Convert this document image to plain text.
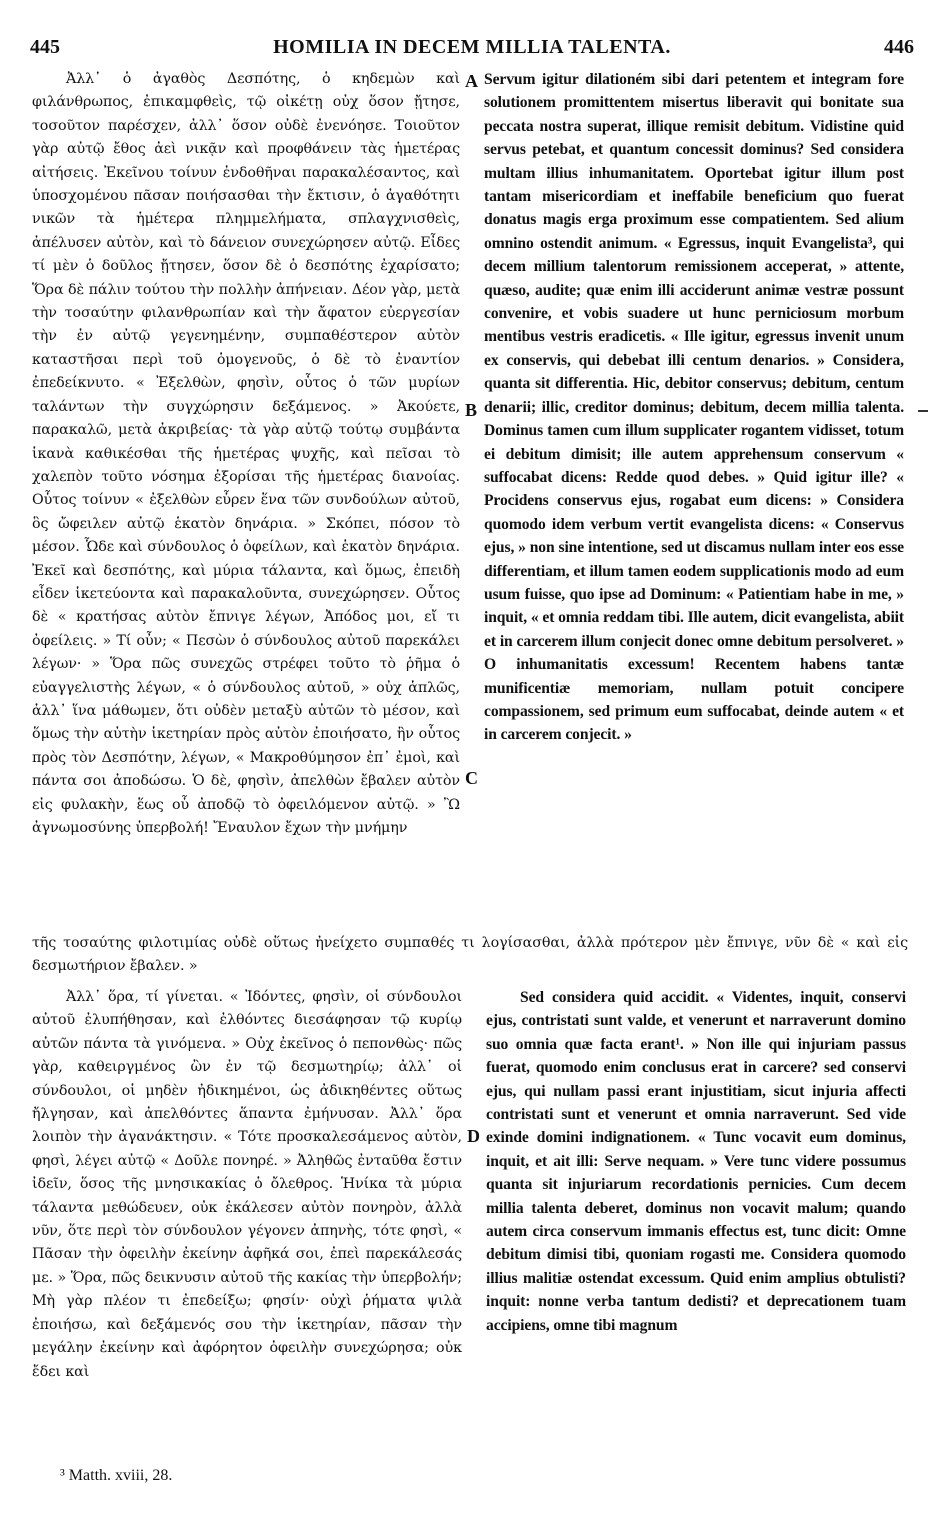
445	HOMILIA IN DECEM MILLIA TALENTA.	446

Ἀλλ᾽ ὁ ἀγαθὸς Δεσπότης, ὁ κηδεμὼν καὶ φιλάνθρωπος, ἐπικαμφθεὶς, τῷ οἰκέτῃ οὐχ ὅσον ᾔτησε, τοσοῦτον παρέσχεν, ἀλλ᾽ ὅσον οὐδὲ ἐνενόησε. Τοιοῦτον γὰρ αὐτῷ ἔθος ἀεὶ νικᾷν καὶ προφθάνειν τὰς ἡμετέρας αἰτήσεις. Ἐκεῖνου τοίνυν ἐνδοθῆναι παρακαλέσαντος, καὶ ὑποσχομένου πᾶσαν ποιήσασθαι τὴν ἔκτισιν, ὁ ἀγαθότητι νικῶν τὰ ἡμέτερα πλημμελήματα, σπλαγχνισθεὶς, ἀπέλυσεν αὐτὸν, καὶ τὸ δάνειον συνεχώρησεν αὐτῷ. Εἶδες τί μὲν ὁ δοῦλος ᾔτησεν, ὅσον δὲ ὁ δεσπότης ἐχαρίσατο; Ὅρα δὲ πάλιν τούτου τὴν πολλὴν ἀπήνειαν. Δέον γὰρ, μετὰ τὴν τοσαύτην φιλανθρωπίαν καὶ τὴν ἄφατον εὐεργεσίαν τὴν ἐν αὐτῷ γεγενημένην, συμπαθέστερον αὐτὸν καταστῆσαι περὶ τοῦ ὁμογενοῦς, ὁ δὲ τὸ ἐναντίον ἐπεδείκνυτο. « Ἐξελθὼν, φησὶν, οὗτος ὁ τῶν μυρίων ταλάντων τὴν συγχώρησιν δεξάμενος. » Ἀκούετε, παρακαλῶ, μετὰ ἀκριβείας· τὰ γὰρ αὐτῷ τούτῳ συμβάντα ἱκανὰ καθικέσθαι τῆς ἡμετέρας ψυχῆς, καὶ πεῖσαι τὸ χαλεπὸν τοῦτο νόσημα ἐξορίσαι τῆς ἡμετέρας διανοίας. Οὗτος τοίνυν « ἐξελθὼν εὗρεν ἕνα τῶν συνδούλων αὐτοῦ, ὃς ὤφειλεν αὐτῷ ἑκατὸν δηνάρια. » Σκόπει, πόσον τὸ μέσον. Ὧδε καὶ σύνδουλος ὁ ὀφείλων, καὶ ἑκατὸν δηνάρια. Ἐκεῖ καὶ δεσπότης, καὶ μύρια τάλαντα, καὶ ὅμως, ἐπειδὴ εἶδεν ἱκετεύοντα καὶ παρακαλοῦντα, συνεχώρησεν. Οὗτος δὲ « κρατήσας αὐτὸν ἔπνιγε λέγων, Ἀπόδος μοι, εἴ τι ὀφείλεις. » Τί οὖν; « Πεσὼν ὁ σύνδουλος αὐτοῦ παρεκάλει λέγων· » Ὅρα πῶς συνεχῶς στρέφει τοῦτο τὸ ῥῆμα ὁ εὐαγγελιστὴς λέγων, « ὁ σύνδουλος αὐτοῦ, » οὐχ ἁπλῶς, ἀλλ᾽ ἵνα μάθωμεν, ὅτι οὐδὲν μεταξὺ αὐτῶν τὸ μέσον, καὶ ὅμως τὴν αὐτὴν ἱκετηρίαν πρὸς αὐτὸν ἐποιήσατο, ἣν οὗτος πρὸς τὸν Δεσπότην, λέγων, « Μακροθύμησον ἐπ᾽ ἐμοὶ, καὶ πάντα σοι ἀποδώσω. Ὁ δὲ, φησὶν, ἀπελθὼν ἔβαλεν αὐτὸν εἰς φυλακὴν, ἕως οὗ ἀποδῷ τὸ ὀφειλόμενον αὐτῷ. » Ὢ ἀγνωμοσύνης ὑπερβολή! Ἔναυλον ἔχων τὴν μνήμην

Servum igitur dilationém sibi dari petentem et integram fore solutionem promittentem misertus liberavit qui bonitate sua peccata nostra superat, illique remisit debitum. Vidistine quid servus petebat, et quantum concessit dominus? Sed considera multam illius inhumanitatem. Oportebat igitur illum post tantam misericordiam et ineffabile beneficium quo fuerat donatus magis erga proximum esse compatientem. Sed alium omnino ostendit animum. « Egressus, inquit Evangelista³, qui decem millium talentorum remissionem acceperat, » attente, quæso, audite; quæ enim illi acciderunt animæ vestræ possunt convenire, et vobis suadere ut hunc perniciosum morbum mentibus vestris eradicetis. « Ille igitur, egressus invenit unum ex conservis, qui debebat illi centum denarios. » Considera, quanta sit differentia. Hic, debitor conservus; debitum, centum denarii; illic, creditor dominus; debitum, decem millia talenta. Dominus tamen cum illum supplicater rogantem vidisset, totum ei debitum dimisit; ille autem apprehensum conservum « suffocabat dicens: Redde quod debes. » Quid igitur ille? « Procidens conservus ejus, rogabat eum dicens: » Considera quomodo idem verbum vertit evangelista dicens: « Conservus ejus, » non sine intentione, sed ut discamus nullam inter eos esse differentiam, et illum tamen eodem supplicationis modo ad eum usum fuisse, quo ipse ad Dominum: « Patientiam habe in me, » inquit, « et omnia reddam tibi. Ille autem, dicit evangelista, abiit et in carcerem illum conjecit donec omne debitum persolveret. » O inhumanitatis excessum! Recentem habens tantæ munificentiæ memoriam, nullam potuit concipere compassionem, sed primum eum suffocabat, deinde autem « et in carcerem conjecit. »

A
B
C
D

τῆς τοσαύτης φιλοτιμίας οὐδὲ οὕτως ἠνείχετο συμπαθές τι λογίσασθαι, ἀλλὰ πρότερον μὲν ἔπνιγε, νῦν δὲ « καὶ εἰς δεσμωτήριον ἔβαλεν. »

Ἀλλ᾽ ὅρα, τί γίνεται. « Ἰδόντες, φησὶν, οἱ σύνδουλοι αὐτοῦ ἐλυπήθησαν, καὶ ἐλθόντες διεσάφησαν τῷ κυρίῳ αὐτῶν πάντα τὰ γινόμενα. » Οὐχ ἐκεῖνος ὁ πεπονθὼς· πῶς γὰρ, καθειργμένος ὢν ἐν τῷ δεσμωτηρίῳ; ἀλλ᾽ οἱ σύνδουλοι, οἱ μηδὲν ἠδικημένοι, ὡς ἀδικηθέντες οὕτως ἤλγησαν, καὶ ἀπελθόντες ἅπαντα ἐμήνυσαν. Ἀλλ᾽ ὅρα λοιπὸν τὴν ἀγανάκτησιν. « Τότε προσκαλεσάμενος αὐτὸν, φησὶ, λέγει αὐτῷ « Δοῦλε πονηρέ. » Ἀληθῶς ἐνταῦθα ἔστιν ἰδεῖν, ὅσος τῆς μνησικακίας ὁ ὄλεθρος. Ἡνίκα τὰ μύρια τάλαντα μεθώδευεν, οὐκ ἐκάλεσεν αὐτὸν πονηρὸν, ἀλλὰ νῦν, ὅτε περὶ τὸν σύνδουλον γέγονεν ἀπηνὴς, τότε φησὶ, « Πᾶσαν τὴν ὀφειλὴν ἐκείνην ἀφῆκά σοι, ἐπεὶ παρεκάλεσάς με. » Ὅρα, πῶς δεικνυσιν αὐτοῦ τῆς κακίας τὴν ὑπερβολήν; Μὴ γὰρ πλέον τι ἐπεδείξω; φησίν· οὐχὶ ῥήματα ψιλὰ ἐποιήσω, καὶ δεξάμενός σου τὴν ἱκετηρίαν, πᾶσαν τὴν μεγάλην ἐκείνην καὶ ἀφόρητον ὀφειλὴν συνεχώρησα; οὐκ ἔδει καὶ

Sed considera quid accidit. « Videntes, inquit, conservi ejus, contristati sunt valde, et venerunt et narraverunt domino suo omnia quæ facta erant¹. » Non ille qui injuriam passus fuerat, quomodo enim conclusus erat in carcere? sed conservi ejus, qui nullam passi erant injustitiam, sicut injuria affecti contristati sunt et venerunt et omnia narraverunt. Sed vide exinde domini indignationem. « Tunc vocavit eum dominus, inquit, et ait illi: Serve nequam. » Vere tunc videre possumus quanta sit injuriarum recordationis pernicies. Cum decem millia talenta deberet, dominus non vocavit malum; quando autem circa conservum immanis effectus est, tunc dicit: Omne debitum dimisi tibi, quoniam rogasti me. Considera quomodo illius malitiæ ostendat excessum. Quid enim amplius obtulisti? inquit: nonne verba tantum dedisti? et deprecationem tuam accipiens, omne tibi magnum

³ Matth. xviii, 28.
